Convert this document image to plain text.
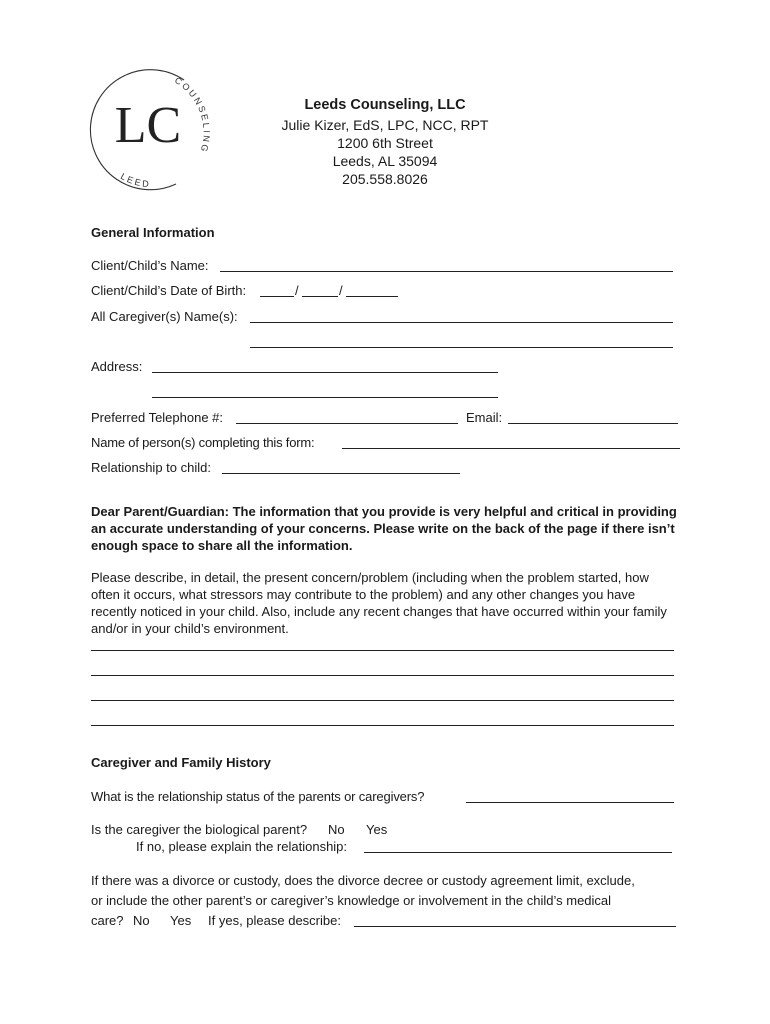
LC
COUNSELING
LEED
Leeds Counseling, LLC
Julie Kizer, EdS, LPC, NCC, RPT
1200 6th Street
Leeds, AL 35094
205.558.8026
General Information
Client/Child’s Name:
Client/Child’s Date of Birth:	/	/
All Caregiver(s) Name(s):
Address:
Preferred Telephone #:	Email:
Name of person(s) completing this form:
Relationship to child:
Dear Parent/Guardian: The information that you provide is very helpful and critical in providing an accurate understanding of your concerns. Please write on the back of the page if there isn’t enough space to share all the information.
Please describe, in detail, the present concern/problem (including when the problem started, how often it occurs, what stressors may contribute to the problem) and any other changes you have recently noticed in your child. Also, include any recent changes that have occurred within your family and/or in your child’s environment.
Caregiver and Family History
What is the relationship status of the parents or caregivers?
Is the caregiver the biological parent? No Yes
If no, please explain the relationship:
If there was a divorce or custody, does the divorce decree or custody agreement limit, exclude,
or include the other parent’s or caregiver’s knowledge or involvement in the child’s medical
care? No Yes If yes, please describe:
